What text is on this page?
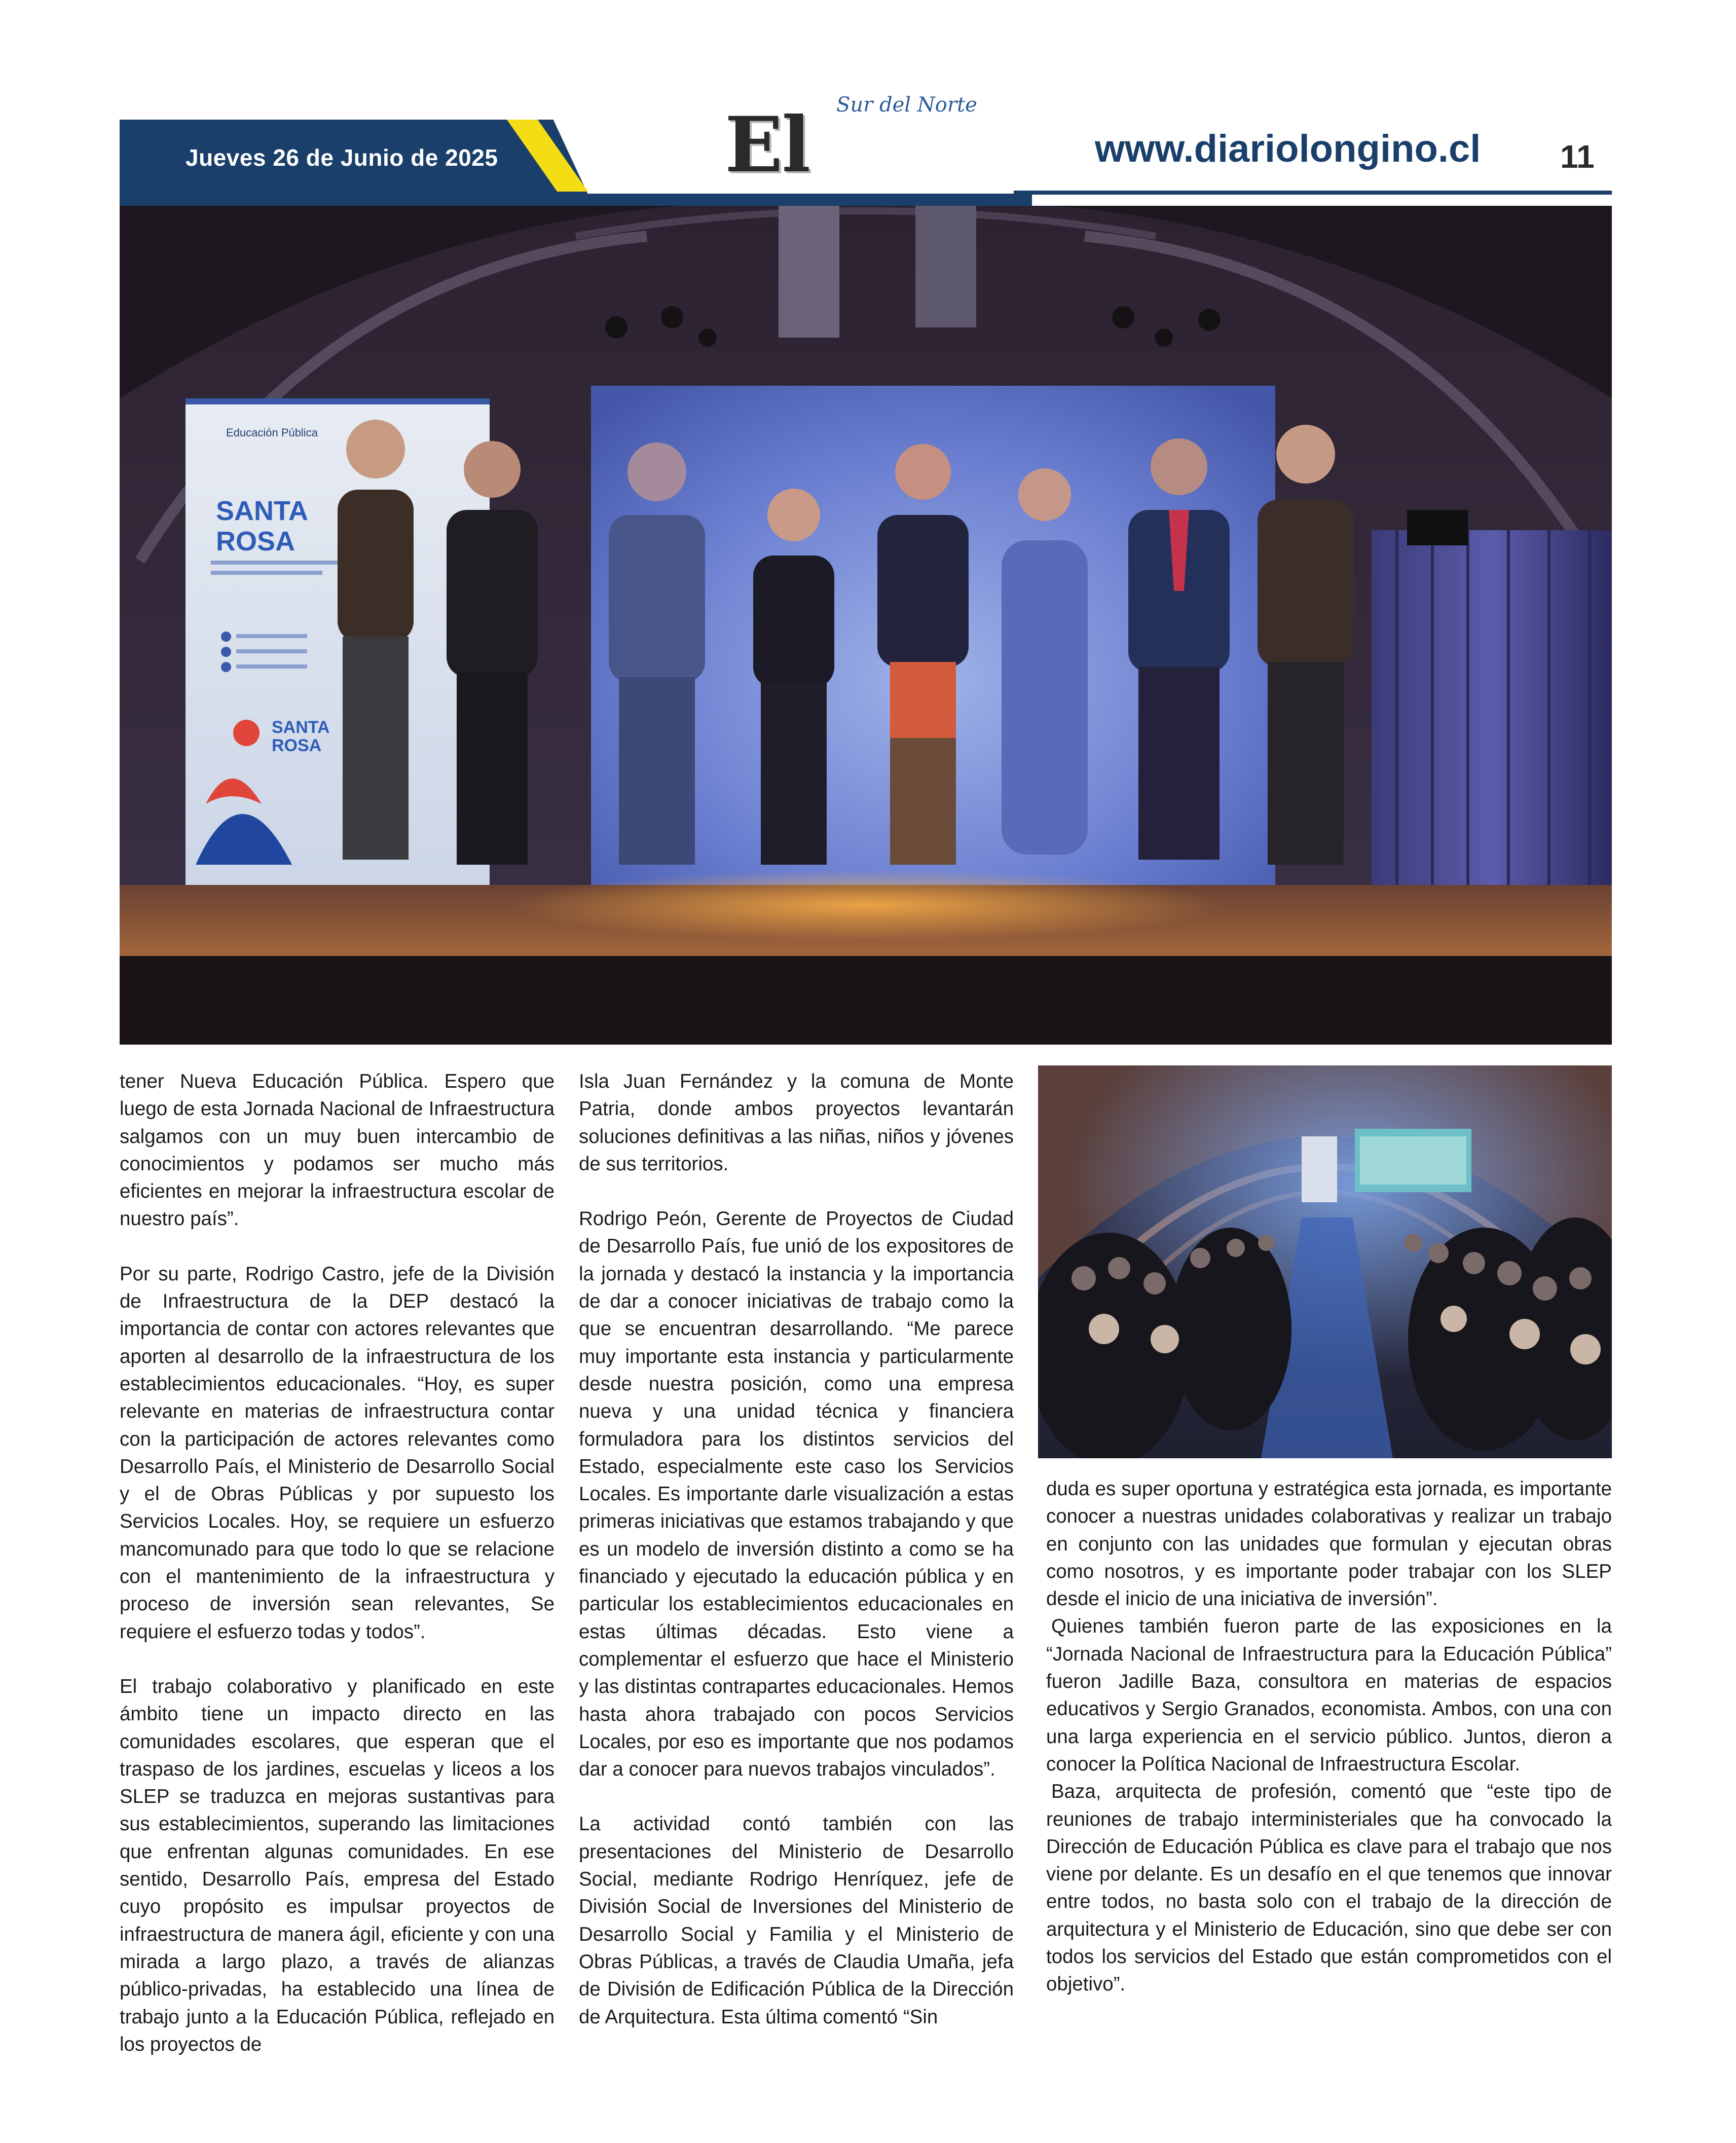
Jueves 26 de Junio de 2025	El	Sur del Norte
www.diariolongino.cl 11
Educación Pública
SANTA
ROSA
SANTA
ROSA

tener Nueva Educación Pública. Espero que luego de esta Jornada Nacional de Infraestructura salgamos con un muy buen intercambio de conocimientos y podamos ser mucho más eficientes en mejorar la infraestructura escolar de nuestro país”.

Por su parte, Rodrigo Castro, jefe de la División de Infraestructura de la DEP destacó la importancia de contar con actores relevantes que aporten al desarrollo de la infraestructura de los establecimientos educacionales. “Hoy, es super relevante en materias de infraestructura contar con la participación de actores relevantes como Desarrollo País, el Ministerio de Desarrollo Social y el de Obras Públicas y por supuesto los Servicios Locales. Hoy, se requiere un esfuerzo mancomunado para que todo lo que se relacione con el mantenimiento de la infraestructura y proceso de inversión sean relevantes, Se requiere el esfuerzo todas y todos”.

El trabajo colaborativo y planificado en este ámbito tiene un impacto directo en las comunidades escolares, que esperan que el traspaso de los jardines, escuelas y liceos a los SLEP se traduzca en mejoras sustantivas para sus establecimientos, superando las limitaciones que enfrentan algunas comunidades. En ese sentido, Desarrollo País, empresa del Estado cuyo propósito es impulsar proyectos de infraestructura de manera ágil, eficiente y con una mirada a largo plazo, a través de alianzas público-privadas, ha establecido una línea de trabajo junto a la Educación Pública, reflejado en los proyectos de

Isla Juan Fernández y la comuna de Monte Patria, donde ambos proyectos levantarán soluciones definitivas a las niñas, niños y jóvenes de sus territorios.

Rodrigo Peón, Gerente de Proyectos de Ciudad de Desarrollo País, fue unió de los expositores de la jornada y destacó la instancia y la importancia de dar a conocer iniciativas de trabajo como la que se encuentran desarrollando. “Me parece muy importante esta instancia y particularmente desde nuestra posición, como una empresa nueva y una unidad técnica y financiera formuladora para los distintos servicios del Estado, especialmente este caso los Servicios Locales. Es importante darle visualización a estas primeras iniciativas que estamos trabajando y que es un modelo de inversión distinto a como se ha financiado y ejecutado la educación pública y en particular los establecimientos educacionales en estas últimas décadas. Esto viene a complementar el esfuerzo que hace el Ministerio y las distintas contrapartes educacionales. Hemos hasta ahora trabajado con pocos Servicios Locales, por eso es importante que nos podamos dar a conocer para nuevos trabajos vinculados”.

La actividad contó también con las presentaciones del Ministerio de Desarrollo Social, mediante Rodrigo Henríquez, jefe de División Social de Inversiones del Ministerio de Desarrollo Social y Familia y el Ministerio de Obras Públicas, a través de Claudia Umaña, jefa de División de Edificación Pública de la Dirección de Arquitectura. Esta última comentó “Sin

duda es super oportuna y estratégica esta jornada, es importante conocer a nuestras unidades colaborativas y realizar un trabajo en conjunto con las unidades que formulan y ejecutan obras como nosotros, y es importante poder trabajar con los SLEP desde el inicio de una iniciativa de inversión”.

Quienes también fueron parte de las exposiciones en la “Jornada Nacional de Infraestructura para la Educación Pública” fueron Jadille Baza, consultora en materias de espacios educativos y Sergio Granados, economista. Ambos, con una con una larga experiencia en el servicio público. Juntos, dieron a conocer la Política Nacional de Infraestructura Escolar.

Baza, arquitecta de profesión, comentó que “este tipo de reuniones de trabajo interministeriales que ha convocado la Dirección de Educación Pública es clave para el trabajo que nos viene por delante. Es un desafío en el que tenemos que innovar entre todos, no basta solo con el trabajo de la dirección de arquitectura y el Ministerio de Educación, sino que debe ser con todos los servicios del Estado que están comprometidos con el objetivo”.
